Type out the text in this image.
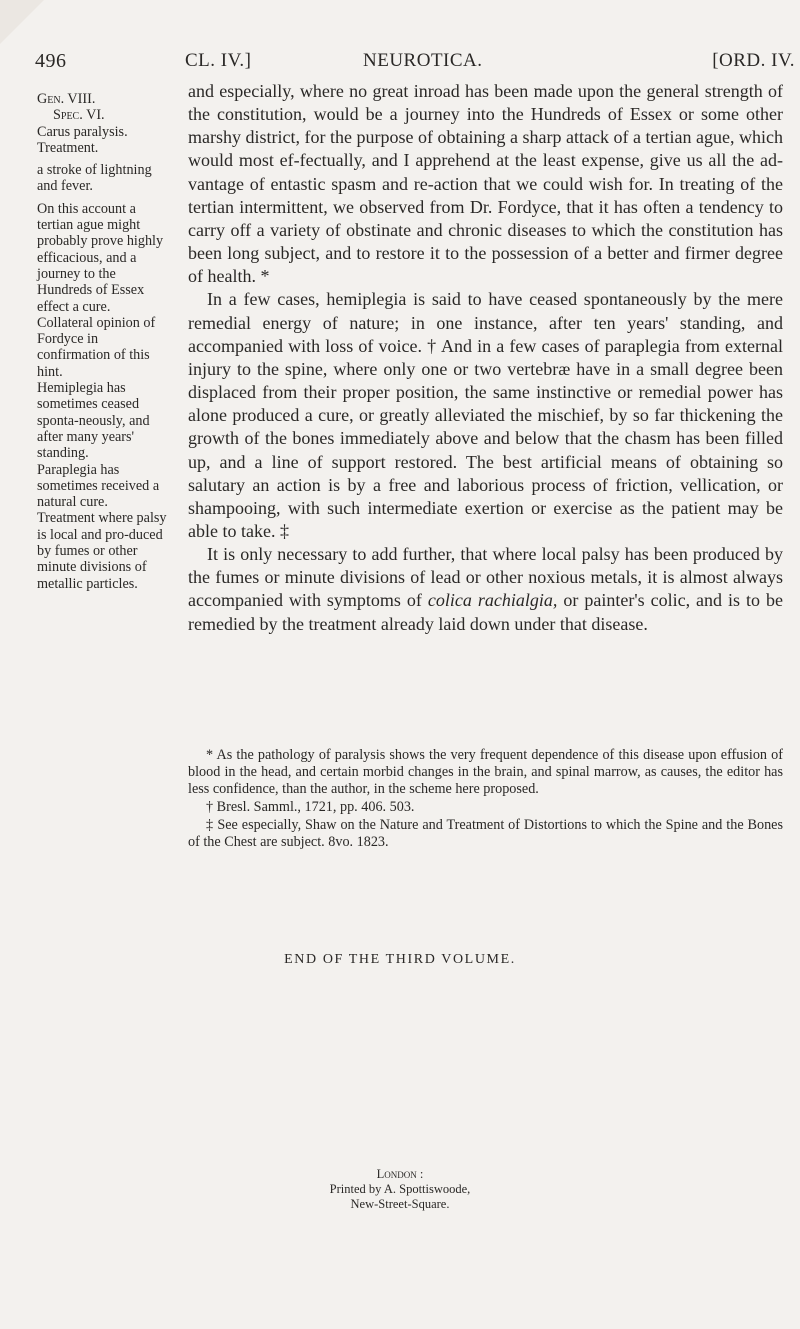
496	CL. IV.]	NEUROTICA.	[ORD. IV.

Gen. VIII.

Spec. VI.

Carus paralysis.

Treatment.

a stroke of lightning and fever.

On this account a tertian ague might probably prove highly efficacious, and a journey to the Hundreds of Essex effect a cure.

Collateral opinion of Fordyce in confirmation of this hint.

Hemiplegia has sometimes ceased sponta-neously, and after many years' standing.

Paraplegia has sometimes received a natural cure.

Treatment where palsy is local and pro-duced by fumes or other minute divisions of metallic particles.

and especially, where no great inroad has been made upon the general strength of the constitution, would be a journey into the Hundreds of Essex or some other marshy district, for the purpose of obtaining a sharp attack of a tertian ague, which would most ef-fectually, and I apprehend at the least expense, give us all the ad-vantage of entastic spasm and re-action that we could wish for. In treating of the tertian intermittent, we observed from Dr. Fordyce, that it has often a tendency to carry off a variety of obstinate and chronic diseases to which the constitution has been long subject, and to restore it to the possession of a better and firmer degree of health. *

In a few cases, hemiplegia is said to have ceased spontaneously by the mere remedial energy of nature; in one instance, after ten years' standing, and accompanied with loss of voice. † And in a few cases of paraplegia from external injury to the spine, where only one or two vertebræ have in a small degree been displaced from their proper position, the same instinctive or remedial power has alone produced a cure, or greatly alleviated the mischief, by so far thickening the growth of the bones immediately above and below that the chasm has been filled up, and a line of support restored. The best artificial means of obtaining so salutary an action is by a free and laborious process of friction, vellication, or shampooing, with such intermediate exertion or exercise as the patient may be able to take. ‡

It is only necessary to add further, that where local palsy has been produced by the fumes or minute divisions of lead or other noxious metals, it is almost always accompanied with symptoms of colica rachialgia, or painter's colic, and is to be remedied by the treatment already laid down under that disease.

* As the pathology of paralysis shows the very frequent dependence of this disease upon effusion of blood in the head, and certain morbid changes in the brain, and spinal marrow, as causes, the editor has less confidence, than the author, in the scheme here proposed.

† Bresl. Samml., 1721, pp. 406. 503.

‡ See especially, Shaw on the Nature and Treatment of Distortions to which the Spine and the Bones of the Chest are subject. 8vo. 1823.

END OF THE THIRD VOLUME.
London :
Printed by A. Spottiswoode,
New-Street-Square.
